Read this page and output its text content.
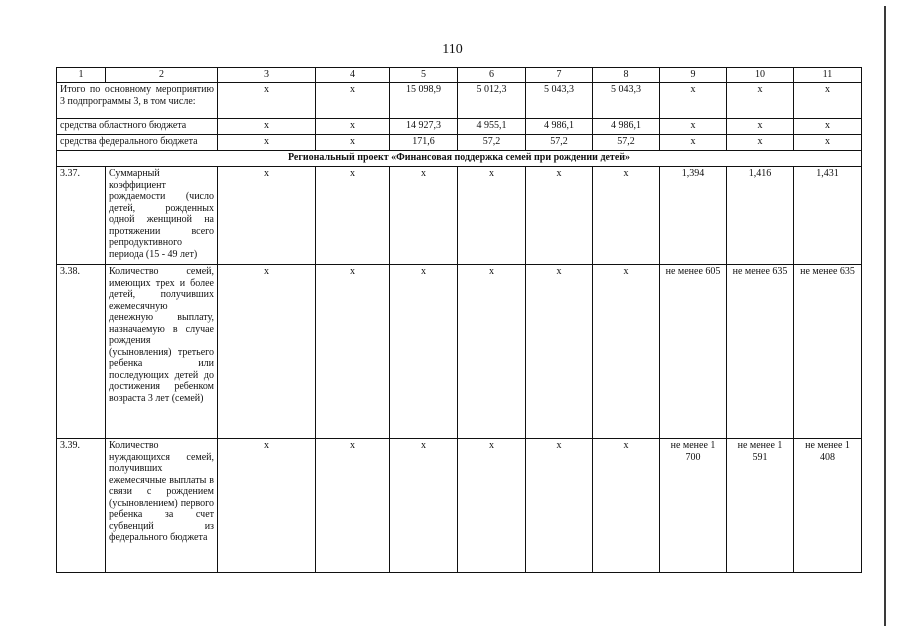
110
1	2	3	4	5	6	7	8	9	10	11
Итого по основному мероприятию 3 подпрограммы 3, в том числе:		х	х	15 098,9	5 012,3	5 043,3	5 043,3	х	х	х
средства областного бюджета		х	х	14 927,3	4 955,1	4 986,1	4 986,1	х	х	х
средства федерального бюджета		х	х	171,6	57,2	57,2	57,2	х	х	х
Региональный проект «Финансовая поддержка семей при рождении детей»										
3.37.	Суммарный коэффициент рождаемости (число детей, рожденных одной женщиной на протяжении всего репродуктивного периода (15 - 49 лет)	х	х	х	х	х	х	1,394	1,416	1,431
3.38.	Количество семей, имеющих трех и более детей, получивших ежемесячную денежную выплату, назначаемую в случае рождения (усыновления) третьего ребенка или последующих детей до достижения ребенком возраста 3 лет (семей)	х	х	х	х	х	х	не менее 605	не менее 635	не менее 635
3.39.	Количество нуждающихся семей, получивших ежемесячные выплаты в связи с рождением (усыновлением) первого ребенка за счет субвенций из федерального бюджета	х	х	х	х	х	х	не менее 1 700	не менее 1 591	не менее 1 408
